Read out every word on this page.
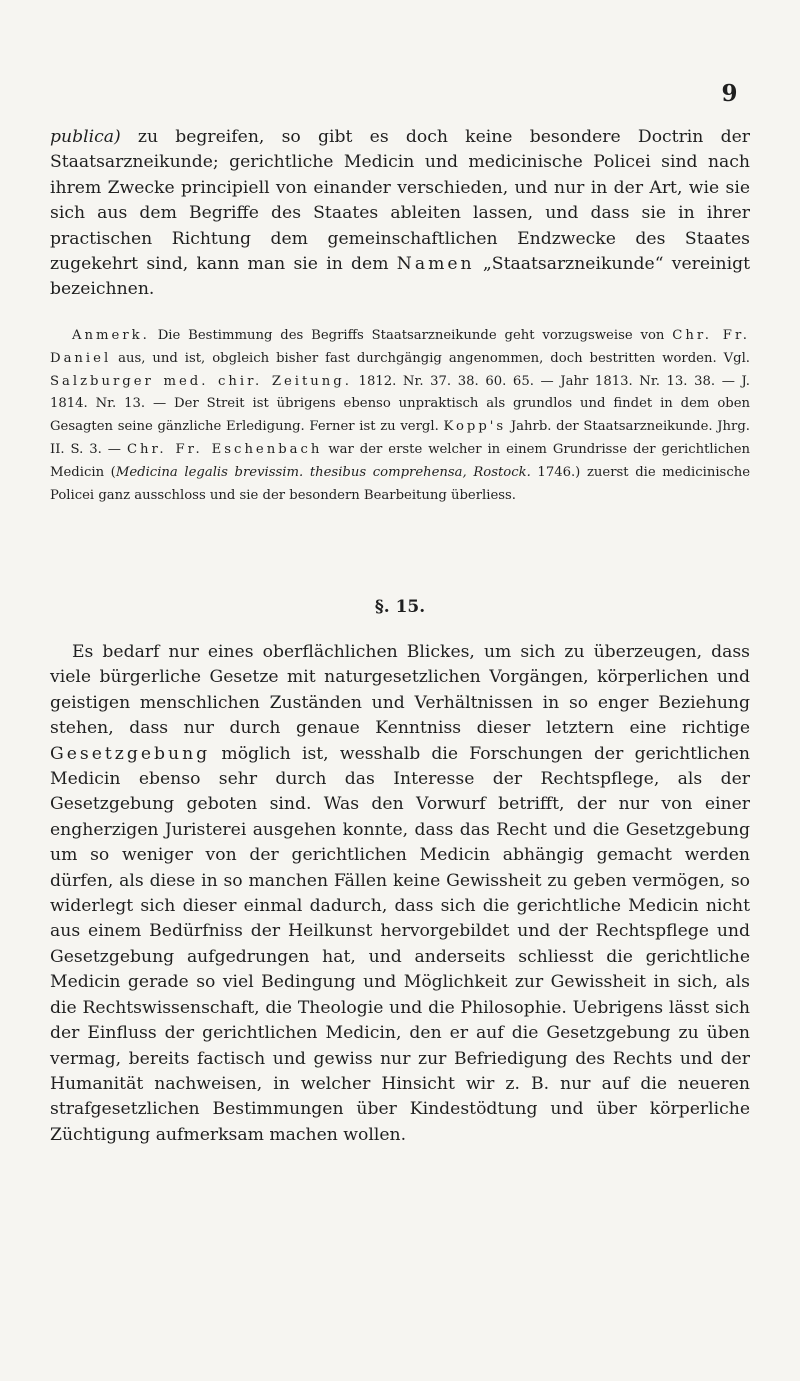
9

publica) zu begreifen, so gibt es doch keine besondere Doctrin der Staatsarzneikunde; gerichtliche Medicin und medicinische Policei sind nach ihrem Zwecke principiell von einander verschieden, und nur in der Art, wie sie sich aus dem Begriffe des Staates ableiten lassen, und dass sie in ihrer practischen Richtung dem gemeinschaftlichen Endzwecke des Staates zugekehrt sind, kann man sie in dem Namen „Staatsarzneikunde“ vereinigt bezeichnen.

Anmerk. Die Bestimmung des Begriffs Staatsarzneikunde geht vorzugsweise von Chr. Fr. Daniel aus, und ist, obgleich bisher fast durchgängig angenommen, doch bestritten worden. Vgl. Salzburger med. chir. Zeitung. 1812. Nr. 37. 38. 60. 65. — Jahr 1813. Nr. 13. 38. — J. 1814. Nr. 13. — Der Streit ist übrigens ebenso unpraktisch als grundlos und findet in dem oben Gesagten seine gänzliche Erledigung. Ferner ist zu vergl. Kopp's Jahrb. der Staatsarzneikunde. Jhrg. II. S. 3. — Chr. Fr. Eschenbach war der erste welcher in einem Grundrisse der gerichtlichen Medicin (Medicina legalis brevissim. thesibus comprehensa, Rostock. 1746.) zuerst die medicinische Policei ganz ausschloss und sie der besondern Bearbeitung überliess.

§. 15.

Es bedarf nur eines oberflächlichen Blickes, um sich zu überzeugen, dass viele bürgerliche Gesetze mit naturgesetzlichen Vorgängen, körperlichen und geistigen menschlichen Zuständen und Verhältnissen in so enger Beziehung stehen, dass nur durch genaue Kenntniss dieser letztern eine richtige Gesetzgebung möglich ist, wesshalb die Forschungen der gerichtlichen Medicin ebenso sehr durch das Interesse der Rechtspflege, als der Gesetzgebung geboten sind. Was den Vorwurf betrifft, der nur von einer engherzigen Juristerei ausgehen konnte, dass das Recht und die Gesetzgebung um so weniger von der gerichtlichen Medicin abhängig gemacht werden dürfen, als diese in so manchen Fällen keine Gewissheit zu geben vermögen, so widerlegt sich dieser einmal dadurch, dass sich die gerichtliche Medicin nicht aus einem Bedürfniss der Heilkunst hervorgebildet und der Rechtspflege und Gesetzgebung aufgedrungen hat, und anderseits schliesst die gerichtliche Medicin gerade so viel Bedingung und Möglichkeit zur Gewissheit in sich, als die Rechtswissenschaft, die Theologie und die Philosophie. Uebrigens lässt sich der Einfluss der gerichtlichen Medicin, den er auf die Gesetzgebung zu üben vermag, bereits factisch und gewiss nur zur Befriedigung des Rechts und der Humanität nachweisen, in welcher Hinsicht wir z. B. nur auf die neueren strafgesetzlichen Bestimmungen über Kindestödtung und über körperliche Züchtigung aufmerksam machen wollen.
